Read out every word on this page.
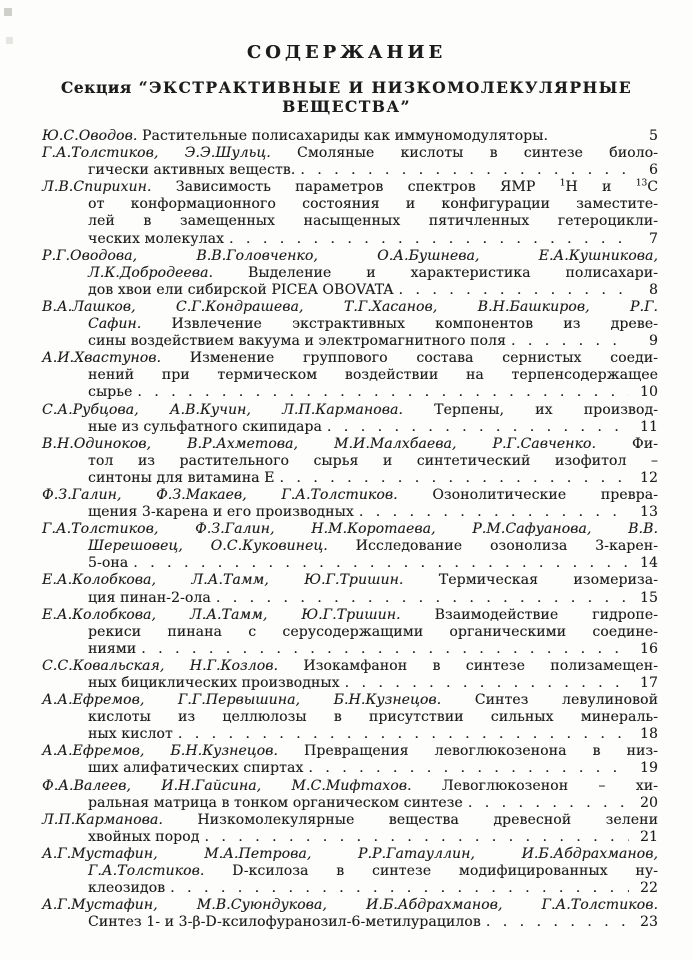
СОДЕРЖАНИЕ
Секция “ЭКСТРАКТИВНЫЕ И НИЗКОМОЛЕКУЛЯРНЫЕ
ВЕЩЕСТВА”
Ю.С.Оводов. Растительные полисахариды как иммуномодуляторы.	5
Г.А.Толстиков, Э.Э.Шульц. Смоляные кислоты в синтезе биоло-
гически активных веществ. . . .	6
Л.В.Спирихин. Зависимость параметров спектров ЯМР $^1$Н и $^{13}$С
от конформационного состояния и конфигурации заместите-
лей в замещенных насыщенных пятичленных гетероцикли-
ческих молекулах . . .	7
Р.Г.Оводова, В.В.Головченко, О.А.Бушнева, Е.А.Кушникова,
Л.К.Добродеева. Выделение и характеристика полисахари-
дов хвои ели сибирской PICEA OBOVATA . . .	8
В.А.Лашков, С.Г.Кондрашева, Т.Г.Хасанов, В.Н.Башкиров, Р.Г.
Сафин. Извлечение экстрактивных компонентов из древе-
сины воздействием вакуума и электромагнитного поля . . .	9
А.И.Хвастунов. Изменение группового состава сернистых соеди-
нений при термическом воздействии на терпенсодержащее
сырье . . .	10
С.А.Рубцова, А.В.Кучин, Л.П.Карманова. Терпены, их производ-
ные из сульфатного скипидара . . .	11
В.Н.Одиноков, В.Р.Ахметова, М.И.Малхбаева, Р.Г.Савченко. Фи-
тол из растительного сырья и синтетический изофитол –
синтоны для витамина Е . . .	12
Ф.З.Галин, Ф.З.Макаев, Г.А.Толстиков. Озонолитические превра-
щения 3-карена и его производных . . .	13
Г.А.Толстиков, Ф.З.Галин, Н.М.Коротаева, Р.М.Сафуанова, В.В.
Шерешовец, О.С.Куковинец. Исследование озонолиза 3-карен-
5-она . . .	14
Е.А.Колобкова, Л.А.Тамм, Ю.Г.Тришин. Термическая изомериза-
ция пинан-2-ола . . .	15
Е.А.Колобкова, Л.А.Тамм, Ю.Г.Тришин. Взаимодействие гидропе-
рекиси пинана с серусодержащими органическими соедине-
ниями . . .	16
С.С.Ковальская, Н.Г.Козлов. Изокамфанон в синтезе полизамещен-
ных бициклических производных . . .	17
А.А.Ефремов, Г.Г.Первышина, Б.Н.Кузнецов. Синтез левулиновой
кислоты из целлюлозы в присутствии сильных минераль-
ных кислот . . .	18
А.А.Ефремов, Б.Н.Кузнецов. Превращения левоглюкозенона в низ-
ших алифатических спиртах . . .	19
Ф.А.Валеев, И.Н.Гайсина, М.С.Мифтахов. Левоглюкозенон – хи-
ральная матрица в тонком органическом синтезе . . .	20
Л.П.Карманова. Низкомолекулярные вещества древесной зелени
хвойных пород . . .	21
А.Г.Мустафин, М.А.Петрова, Р.Р.Гатауллин, И.Б.Абдрахманов,
Г.А.Толстиков. D-ксилоза в синтезе модифицированных ну-
клеозидов . . .	22
А.Г.Мустафин, М.В.Суюндукова, И.Б.Абдрахманов, Г.А.Толстиков.
Синтез 1- и 3-β-D-ксилофуранозил-6-метилурацилов . . .	23
